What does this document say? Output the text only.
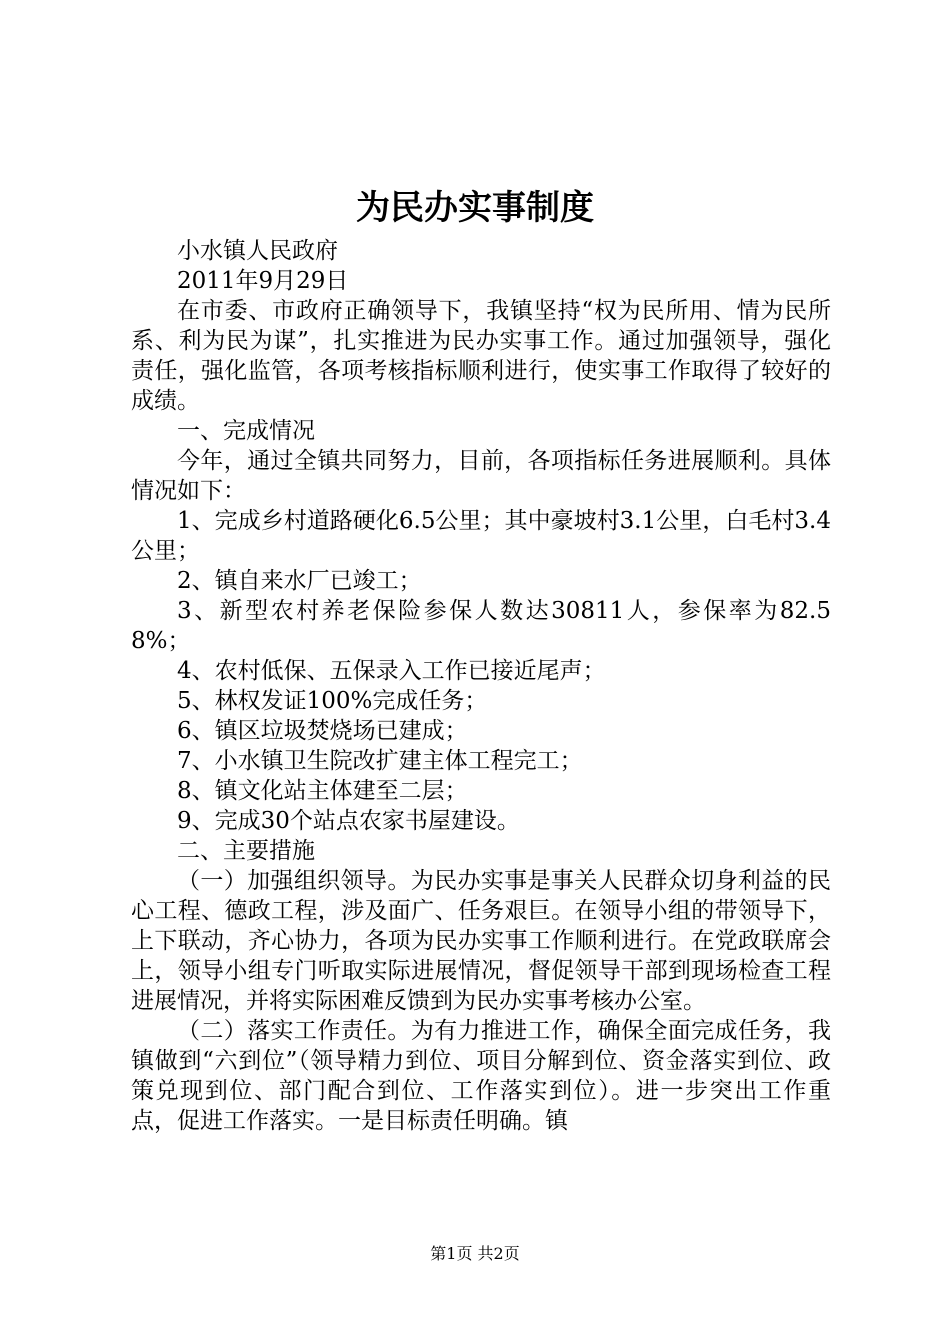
为民办实事制度

小水镇人民政府

2011年9月29日

在市委、市政府正确领导下，我镇坚持“权为民所用、情为民所系、利为民为谋”，扎实推进为民办实事工作。通过加强领导，强化责任，强化监管，各项考核指标顺利进行，使实事工作取得了较好的成绩。

一、完成情况

今年，通过全镇共同努力，目前，各项指标任务进展顺利。具体情况如下：

1、完成乡村道路硬化6.5公里；其中豪坡村3.1公里，白毛村3.4公里；

2、镇自来水厂已竣工；

3、新型农村养老保险参保人数达30811人，参保率为82.58%；

4、农村低保、五保录入工作已接近尾声；

5、林权发证100%完成任务；

6、镇区垃圾焚烧场已建成；

7、小水镇卫生院改扩建主体工程完工；

8、镇文化站主体建至二层；

9、完成30个站点农家书屋建设。

二、主要措施

（一）加强组织领导。为民办实事是事关人民群众切身利益的民心工程、德政工程，涉及面广、任务艰巨。在领导小组的带领导下，上下联动，齐心协力，各项为民办实事工作顺利进行。在党政联席会上，领导小组专门听取实际进展情况，督促领导干部到现场检查工程进展情况，并将实际困难反馈到为民办实事考核办公室。

（二）落实工作责任。为有力推进工作，确保全面完成任务，我镇做到“六到位”（领导精力到位、项目分解到位、资金落实到位、政策兑现到位、部门配合到位、工作落实到位）。进一步突出工作重点，促进工作落实。一是目标责任明确。镇

第1页 共2页
